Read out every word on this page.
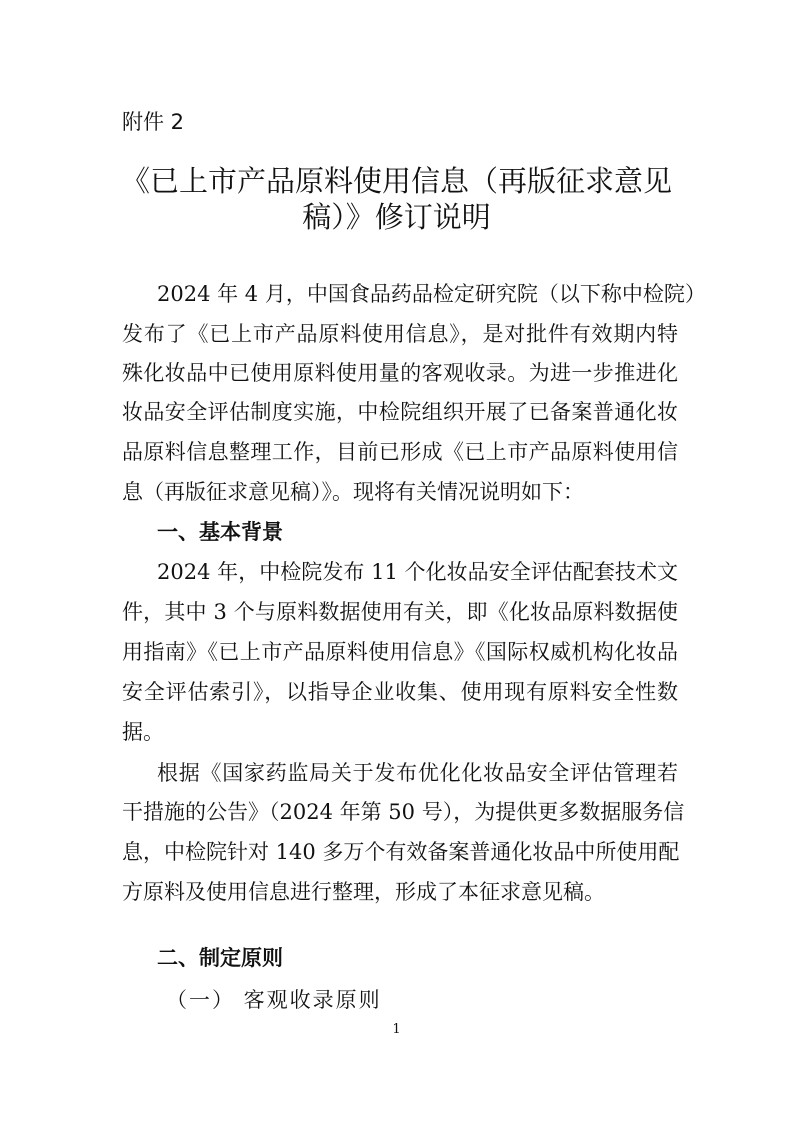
附件 2
《已上市产品原料使用信息（再版征求意见
稿）》修订说明
2024 年 4 月，中国食品药品检定研究院（以下称中检院）
发布了《已上市产品原料使用信息》，是对批件有效期内特
殊化妆品中已使用原料使用量的客观收录。为进一步推进化
妆品安全评估制度实施，中检院组织开展了已备案普通化妆
品原料信息整理工作，目前已形成《已上市产品原料使用信
息（再版征求意见稿）》。现将有关情况说明如下：
一、基本背景
2024 年，中检院发布 11 个化妆品安全评估配套技术文
件，其中 3 个与原料数据使用有关，即《化妆品原料数据使
用指南》《已上市产品原料使用信息》《国际权威机构化妆品
安全评估索引》，以指导企业收集、使用现有原料安全性数
据。
根据《国家药监局关于发布优化化妆品安全评估管理若
干措施的公告》（2024 年第 50 号），为提供更多数据服务信
息，中检院针对 140 多万个有效备案普通化妆品中所使用配
方原料及使用信息进行整理，形成了本征求意见稿。
二、制定原则
（一） 客观收录原则
1
